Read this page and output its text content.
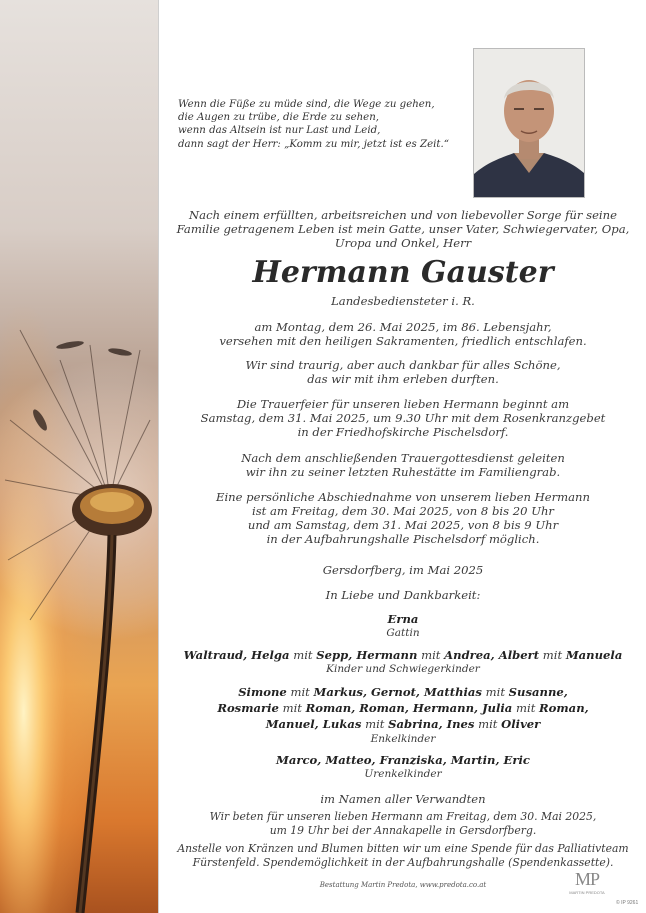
Wenn die Füße zu müde sind, die Wege zu gehen,
die Augen zu trübe, die Erde zu sehen,
wenn das Altsein ist nur Last und Leid,
dann sagt der Herr: „Komm zu mir, jetzt ist es Zeit.“
Nach einem erfüllten, arbeitsreichen und von liebevoller Sorge für seine
Familie getragenem Leben ist mein Gatte, unser Vater, Schwiegervater, Opa,
Uropa und Onkel, Herr
Hermann Gauster
Landesbediensteter i. R.
am Montag, dem 26. Mai 2025, im 86. Lebensjahr,
versehen mit den heiligen Sakramenten, friedlich entschlafen.
Wir sind traurig, aber auch dankbar für alles Schöne,
das wir mit ihm erleben durften.
Die Trauerfeier für unseren lieben Hermann beginnt am
Samstag, dem 31. Mai 2025, um 9.30 Uhr mit dem Rosenkranzgebet
in der Friedhofskirche Pischelsdorf.
Nach dem anschließenden Trauergottesdienst geleiten
wir ihn zu seiner letzten Ruhestätte im Familiengrab.
Eine persönliche Abschiednahme von unserem lieben Hermann
ist am Freitag, dem 30. Mai 2025, von 8 bis 20 Uhr
und am Samstag, dem 31. Mai 2025, von 8 bis 9 Uhr
in der Aufbahrungshalle Pischelsdorf möglich.
Gersdorfberg, im Mai 2025
In Liebe und Dankbarkeit:
Erna
Gattin
Waltraud, Helga mit Sepp, Hermann mit Andrea, Albert mit Manuela
Kinder und Schwiegerkinder
Simone mit Markus, Gernot, Matthias mit Susanne,
Rosmarie mit Roman, Roman, Hermann, Julia mit Roman,
Manuel, Lukas mit Sabrina, Ines mit Oliver
Enkelkinder
Marco, Matteo, Franziska, Martin, Eric
Urenkelkinder
im Namen aller Verwandten
Wir beten für unseren lieben Hermann am Freitag, dem 30. Mai 2025,
um 19 Uhr bei der Annakapelle in Gersdorfberg.
Anstelle von Kränzen und Blumen bitten wir um eine Spende für das Palliativteam
Fürstenfeld. Spendemöglichkeit in der Aufbahrungshalle (Spendenkassette).
Bestattung Martin Predota, www.predota.co.at	MP
MARTIN PREDOTA
© IP 9261
